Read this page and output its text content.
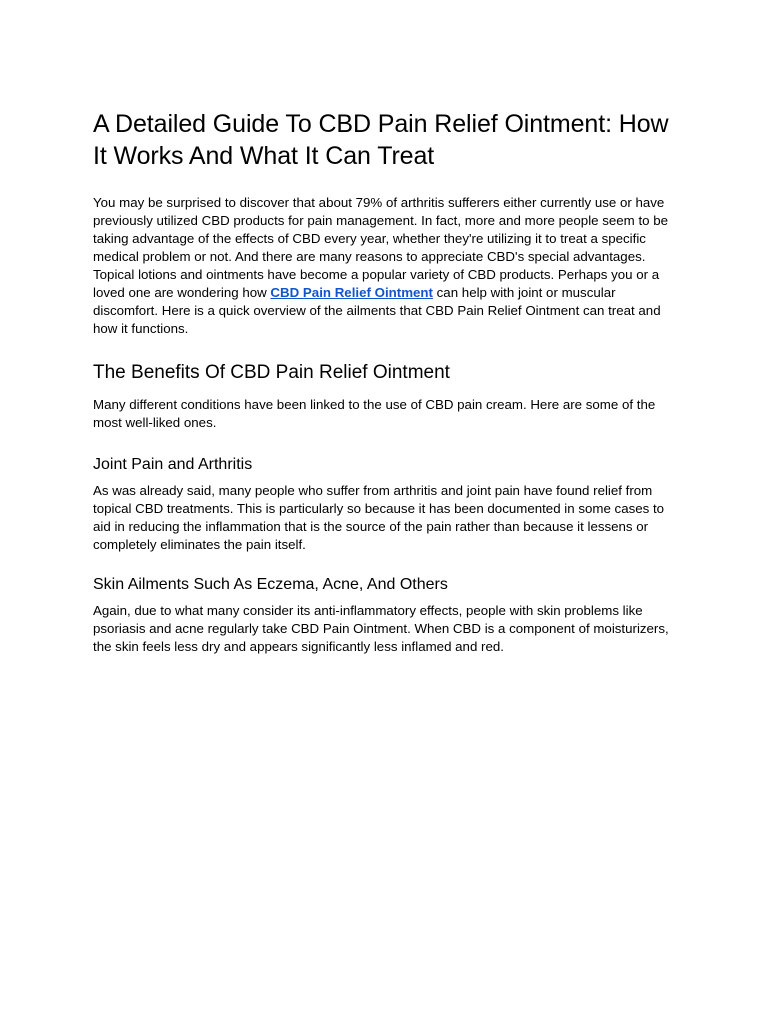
A Detailed Guide To CBD Pain Relief Ointment: How It Works And What It Can Treat

You may be surprised to discover that about 79% of arthritis sufferers either currently use or have previously utilized CBD products for pain management. In fact, more and more people seem to be taking advantage of the effects of CBD every year, whether they're utilizing it to treat a specific medical problem or not. And there are many reasons to appreciate CBD's special advantages. Topical lotions and ointments have become a popular variety of CBD products. Perhaps you or a loved one are wondering how CBD Pain Relief Ointment can help with joint or muscular discomfort. Here is a quick overview of the ailments that CBD Pain Relief Ointment can treat and how it functions.

The Benefits Of CBD Pain Relief Ointment

Many different conditions have been linked to the use of CBD pain cream. Here are some of the most well-liked ones.

Joint Pain and Arthritis

As was already said, many people who suffer from arthritis and joint pain have found relief from topical CBD treatments. This is particularly so because it has been documented in some cases to aid in reducing the inflammation that is the source of the pain rather than because it lessens or completely eliminates the pain itself.

Skin Ailments Such As Eczema, Acne, And Others

Again, due to what many consider its anti-inflammatory effects, people with skin problems like psoriasis and acne regularly take CBD Pain Ointment. When CBD is a component of moisturizers, the skin feels less dry and appears significantly less inflamed and red.
